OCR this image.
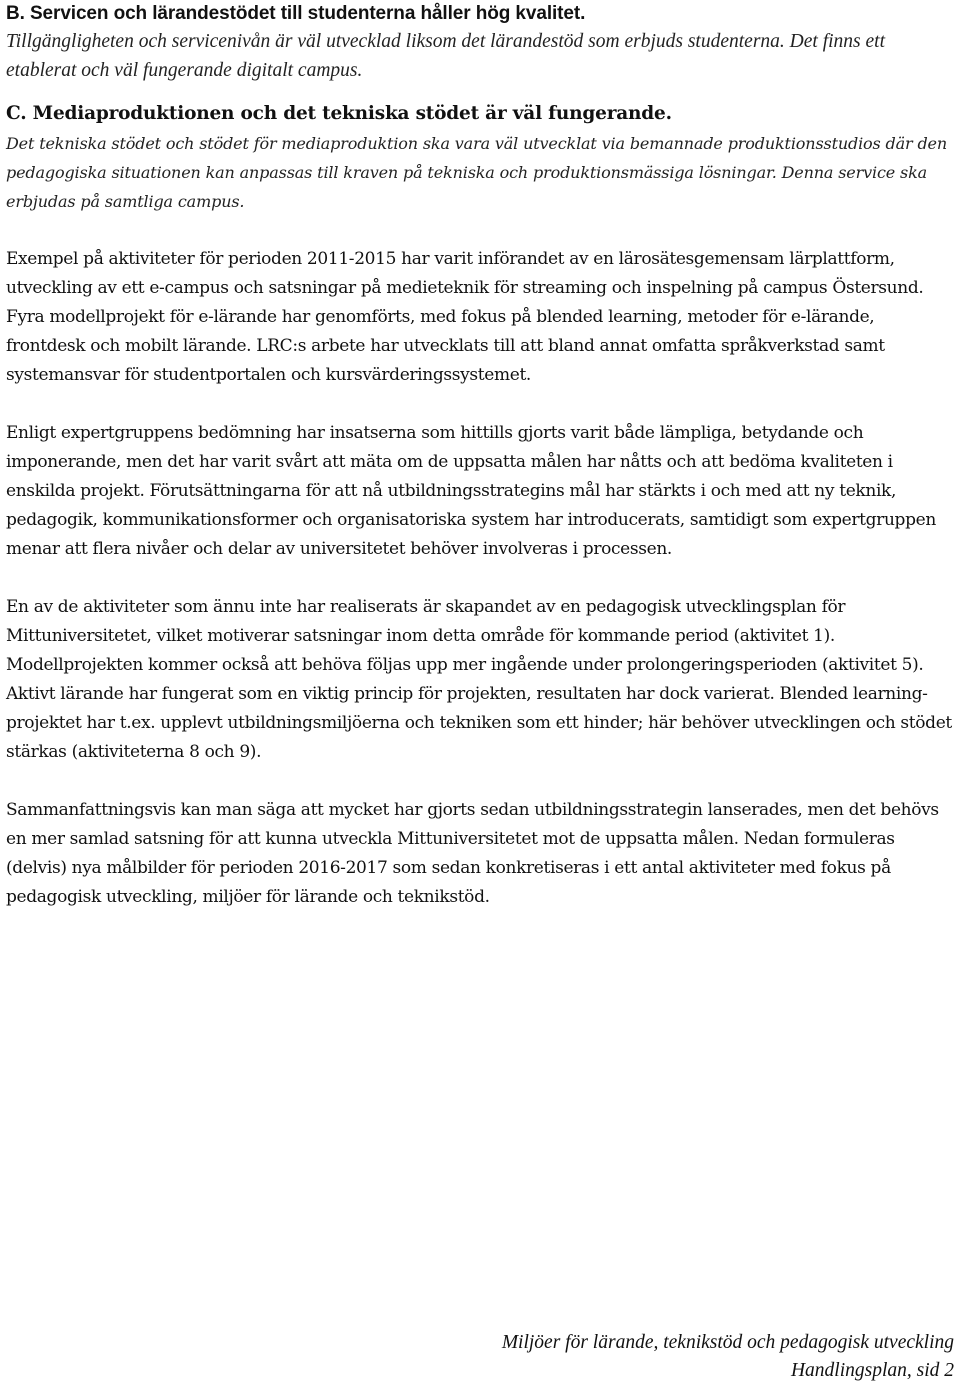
B. Servicen och lärandestödet till studenterna håller hög kvalitet.

Tillgängligheten och servicenivån är väl utvecklad liksom det lärandestöd som erbjuds studenterna. Det finns ett etablerat och väl fungerande digitalt campus.

C. Mediaproduktionen och det tekniska stödet är väl fungerande.

Det tekniska stödet och stödet för mediaproduktion ska vara väl utvecklat via bemannade produktionsstudios där den pedagogiska situationen kan anpassas till kraven på tekniska och produktionsmässiga lösningar. Denna service ska erbjudas på samtliga campus.

Exempel på aktiviteter för perioden 2011-2015 har varit införandet av en lärosätesgemensam lärplattform, utveckling av ett e-campus och satsningar på medieteknik för streaming och inspelning på campus Östersund. Fyra modellprojekt för e-lärande har genomförts, med fokus på blended learning, metoder för e-lärande, frontdesk och mobilt lärande. LRC:s arbete har utvecklats till att bland annat omfatta språkverkstad samt systemansvar för studentportalen och kursvärderingssystemet.

Enligt expertgruppens bedömning har insatserna som hittills gjorts varit både lämpliga, betydande och imponerande, men det har varit svårt att mäta om de uppsatta målen har nåtts och att bedöma kvaliteten i enskilda projekt. Förutsättningarna för att nå utbildningsstrategins mål har stärkts i och med att ny teknik, pedagogik, kommunikationsformer och organisatoriska system har introducerats, samtidigt som expertgruppen menar att flera nivåer och delar av universitetet behöver involveras i processen.

En av de aktiviteter som ännu inte har realiserats är skapandet av en pedagogisk utvecklingsplan för Mittuniversitetet, vilket motiverar satsningar inom detta område för kommande period (aktivitet 1). Modellprojekten kommer också att behöva följas upp mer ingående under prolongeringsperioden (aktivitet 5). Aktivt lärande har fungerat som en viktig princip för projekten, resultaten har dock varierat. Blended learning-projektet har t.ex. upplevt utbildningsmiljöerna och tekniken som ett hinder; här behöver utvecklingen och stödet stärkas (aktiviteterna 8 och 9).

Sammanfattningsvis kan man säga att mycket har gjorts sedan utbildningsstrategin lanserades, men det behövs en mer samlad satsning för att kunna utveckla Mittuniversitetet mot de uppsatta målen. Nedan formuleras (delvis) nya målbilder för perioden 2016-2017 som sedan konkretiseras i ett antal aktiviteter med fokus på pedagogisk utveckling, miljöer för lärande och teknikstöd.

Miljöer för lärande, teknikstöd och pedagogisk utveckling
Handlingsplan, sid 2
